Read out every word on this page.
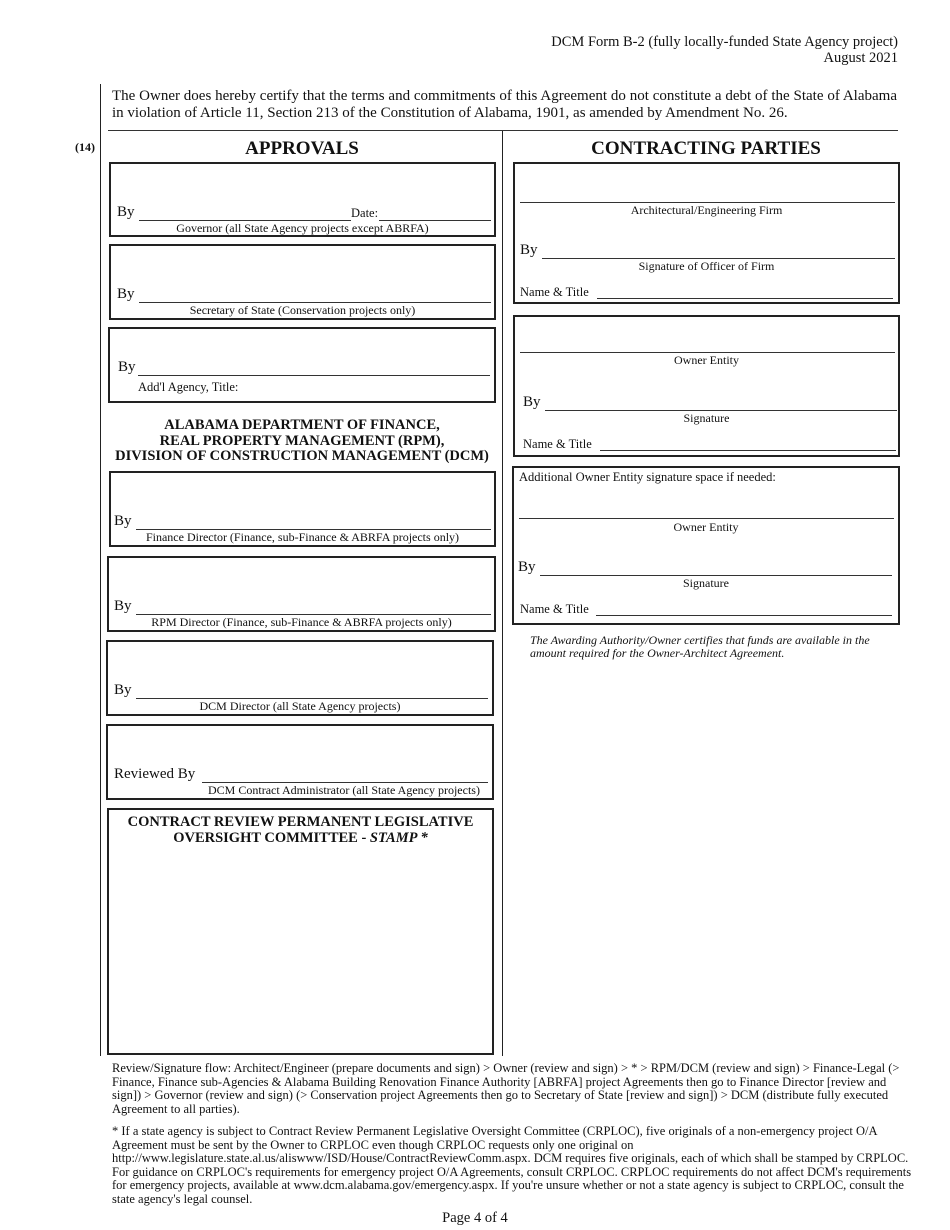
DCM Form B-2 (fully locally-funded State Agency project)
August 2021
The Owner does hereby certify that the terms and commitments of this Agreement do not constitute a debt of the State of Alabama in violation of Article 11, Section 213 of the Constitution of Alabama, 1901, as amended by Amendment No. 26.
(14)	APPROVALS
By	Date:
Governor (all State Agency projects except ABRFA)
By
Secretary of State (Conservation projects only)
By
Add'l Agency, Title:
ALABAMA DEPARTMENT OF FINANCE,
REAL PROPERTY MANAGEMENT (RPM),
DIVISION OF CONSTRUCTION MANAGEMENT (DCM)
By
Finance Director (Finance, sub-Finance & ABRFA projects only)
By
RPM Director (Finance, sub-Finance & ABRFA projects only)
By
DCM Director (all State Agency projects)
Reviewed By
DCM Contract Administrator (all State Agency projects)
CONTRACT REVIEW PERMANENT LEGISLATIVE
OVERSIGHT COMMITTEE - STAMP *
CONTRACTING PARTIES
Architectural/Engineering Firm
By
Signature of Officer of Firm
Name & Title
Owner Entity
By
Signature
Name & Title
Additional Owner Entity signature space if needed:
Owner Entity
By
Signature
Name & Title
The Awarding Authority/Owner certifies that funds are available in the amount required for the Owner-Architect Agreement.
Review/Signature flow: Architect/Engineer (prepare documents and sign) > Owner (review and sign) > * > RPM/DCM (review and sign) > Finance-Legal (> Finance, Finance sub-Agencies & Alabama Building Renovation Finance Authority [ABRFA] project Agreements then go to Finance Director [review and sign]) > Governor (review and sign) (> Conservation project Agreements then go to Secretary of State [review and sign]) > DCM (distribute fully executed Agreement to all parties).
* If a state agency is subject to Contract Review Permanent Legislative Oversight Committee (CRPLOC), five originals of a non-emergency project O/A Agreement must be sent by the Owner to CRPLOC even though CRPLOC requests only one original on http://www.legislature.state.al.us/aliswww/ISD/House/ContractReviewComm.aspx. DCM requires five originals, each of which shall be stamped by CRPLOC. For guidance on CRPLOC's requirements for emergency project O/A Agreements, consult CRPLOC. CRPLOC requirements do not affect DCM's requirements for emergency projects, available at www.dcm.alabama.gov/emergency.aspx. If you're unsure whether or not a state agency is subject to CRPLOC, consult the state agency's legal counsel.
Page 4 of 4
